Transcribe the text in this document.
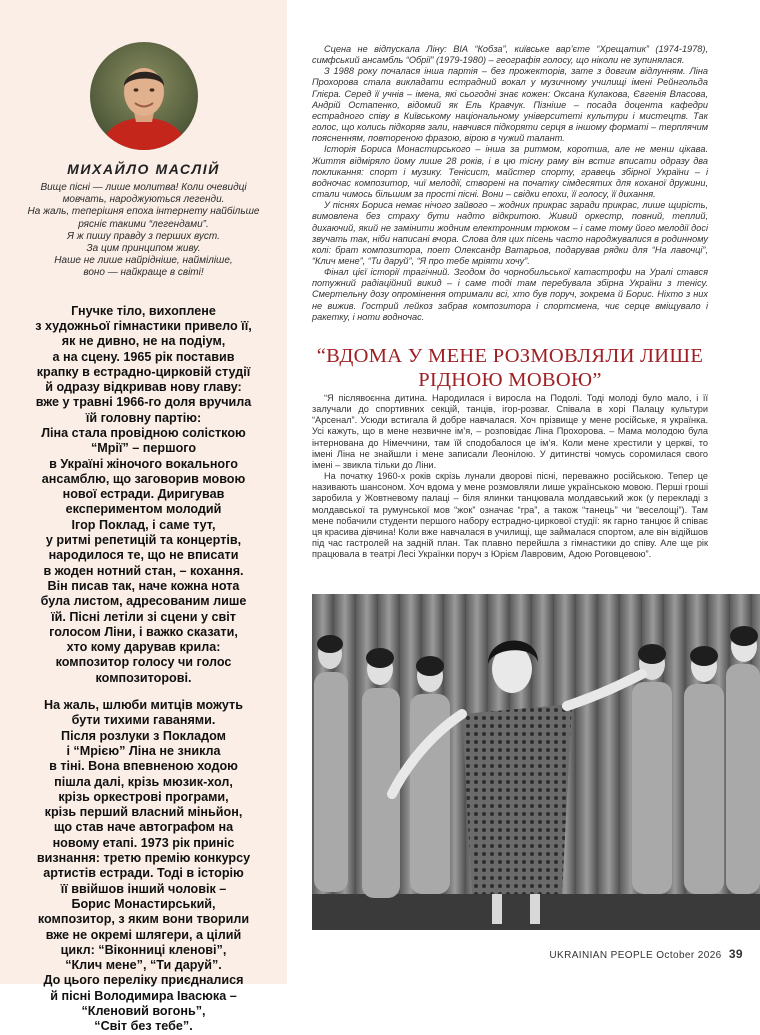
МИХАЙЛО МАСЛІЙ
Вище пісні — лише молитва! Коли очевидці
мовчать, народжуються легенди.
На жаль, теперішня епоха інтернету найбільше
рясніє такими “легендами”.
Я ж пишу правду з перших вуст.
За цим принципом живу.
Наше не лише найрідніше, найміліше,
воно — найкраще в світі!
Гнучке тіло, вихоплене
з художньої гімнастики привело її,
як не дивно, не на подіум,
а на сцену. 1965 рік поставив
крапку в естрадно-цирковій студії
й одразу відкривав нову главу:
вже у травні 1966-го доля вручила
їй головну партію:
Ліна стала провідною солісткою
“Мрії” – першого
в Україні жіночого вокального
ансамблю, що заговорив мовою
нової естради. Диригував
експериментом молодий
Ігор Поклад, і саме тут,
у ритмі репетицій та концертів,
народилося те, що не вписати
в жоден нотний стан, – кохання.
Він писав так, наче кожна нота
була листом, адресованим лише
їй. Пісні летіли зі сцени у світ
голосом Ліни, і важко сказати,
хто кому дарував крила:
композитор голосу чи голос
композиторові.
На жаль, шлюби митців можуть
бути тихими гаванями.
Після розлуки з Покладом
і “Мрією” Ліна не зникла
в тіні. Вона впевненою ходою
пішла далі, крізь мюзик-хол,
крізь оркестрові програми,
крізь перший власний міньйон,
що став наче автографом на
новому етапі. 1973 рік приніс
визнання: третю премію конкурсу
артистів естради. Тоді в історію
її ввійшов інший чоловік –
Борис Монастирський,
композитор, з яким вони творили
вже не окремі шлягери, а цілий
цикл: “Віконниці кленові”,
“Клич мене”, “Ти даруй”.
До цього переліку приєдналися
й пісні Володимира Івасюка –
“Кленовий вогонь”,
“Світ без тебе”.

Сцена не відпускала Ліну: ВІА “Кобза”, київське вар’єте “Хрещатик” (1974-1978), симфський ансамбль “Обрії” (1979-1980) – географія голосу, що ніколи не зупинялася.

З 1988 року почалася інша партія – без прожекторів, зате з довгим відлунням. Ліна Прохорова стала викладати естрадний вокал у музичному училищі імені Рейнгольда Глієра. Серед її учнів – імена, які сьогодні знає кожен: Оксана Кулакова, Євгенія Власова, Андрій Остапенко, відомий як Ель Кравчук. Пізніше – посада доцента кафедри естрадного співу в Київському національному університеті культури і мистецтв. Так голос, що колись підкоряв зали, навчився підкоряти серця в іншому форматі – терплячим поясненням, повтореною фразою, вірою в чужий талант.

Історія Бориса Монастирського – інша за ритмом, коротша, але не менш цікава. Життя відміряло йому лише 28 років, і в цю тісну раму він встиг вписати одразу два покликання: спорт і музику. Тенісист, майстер спорту, гравець збірної України – і водночас композитор, чиї мелодії, створені на початку сімдесятих для коханої дружини, стали чимось більшим за прості пісні. Вони – свідки епохи, її голосу, її дихання.

У піснях Бориса немає нічого зайвого – жодних прикрас заради прикрас, лише щирість, вимовлена без страху бути надто відкритою. Живий оркестр, повний, теплий, дихаючий, який не замінити жодним електронним трюком – і саме тому його мелодії досі звучать так, ніби написані вчора. Слова для цих пісень часто народжувалися в родинному колі: брат композитора, поет Олександр Ватарьов, подарував рядки для “На лавочці”, “Клич мене”, “Ти даруй”, “Я про тебе мріяти хочу”.

Фінал цієї історії трагічний. Згодом до чорнобильської катастрофи на Уралі стався потужний радіаційний викид – і саме тоді там перебувала збірна України з тенісу. Смертельну дозу опромінення отримали всі, хто був поруч, зокрема й Борис. Ніхто з них не вижив. Гострий лейкоз забрав композитора і спортсмена, чиє серце вміщувало і ракетку, і ноти водночас.

“ВДОМА У МЕНЕ РОЗМОВЛЯЛИ ЛИШЕ
РІДНОЮ МОВОЮ”

“Я післявоєнна дитина. Народилася і виросла на Подолі. Тоді молоді було мало, і її залучали до спортивних секцій, танців, ігор-розваг. Співала в хорі Палацу культури “Арсенал”. Усюди встигала й добре навчалася. Хоч прізвище у мене російське, я українка. Усі кажуть, що в мене незвичне ім’я, – розповідає Ліна Прохорова. – Мама молодою була інтернована до Німеччини, там їй сподобалося це ім’я. Коли мене хрестили у церкві, то імені Ліна не знайшли і мене записали Леонілою. У дитинстві чомусь соромилася свого імені – звикла тільки до Ліни.

На початку 1960-х років скрізь лунали дворові пісні, переважно російською. Тепер це називають шансоном. Хоч вдома у мене розмовляли лише українською мовою. Перші гроші заробила у Жовтневому палаці – біля ялинки танцювала молдавський жок (у перекладі з молдавської та румунської мов “жок” означає “гра”, а також “танець” чи “веселощі”). Там мене побачили студенти першого набору естрадно-циркової студії: як гарно танцює й співає ця красива дівчина! Коли вже навчалася в училищі, ще займалася спортом, але він відійшов під час гастролей на задній план. Так плавно перейшла з гімнастики до співу. Але ще рік працювала в театрі Лесі Українки поруч з Юрієм Лавровим, Адою Роговцевою”.

UKRAINIAN PEOPLE October 2026 39
